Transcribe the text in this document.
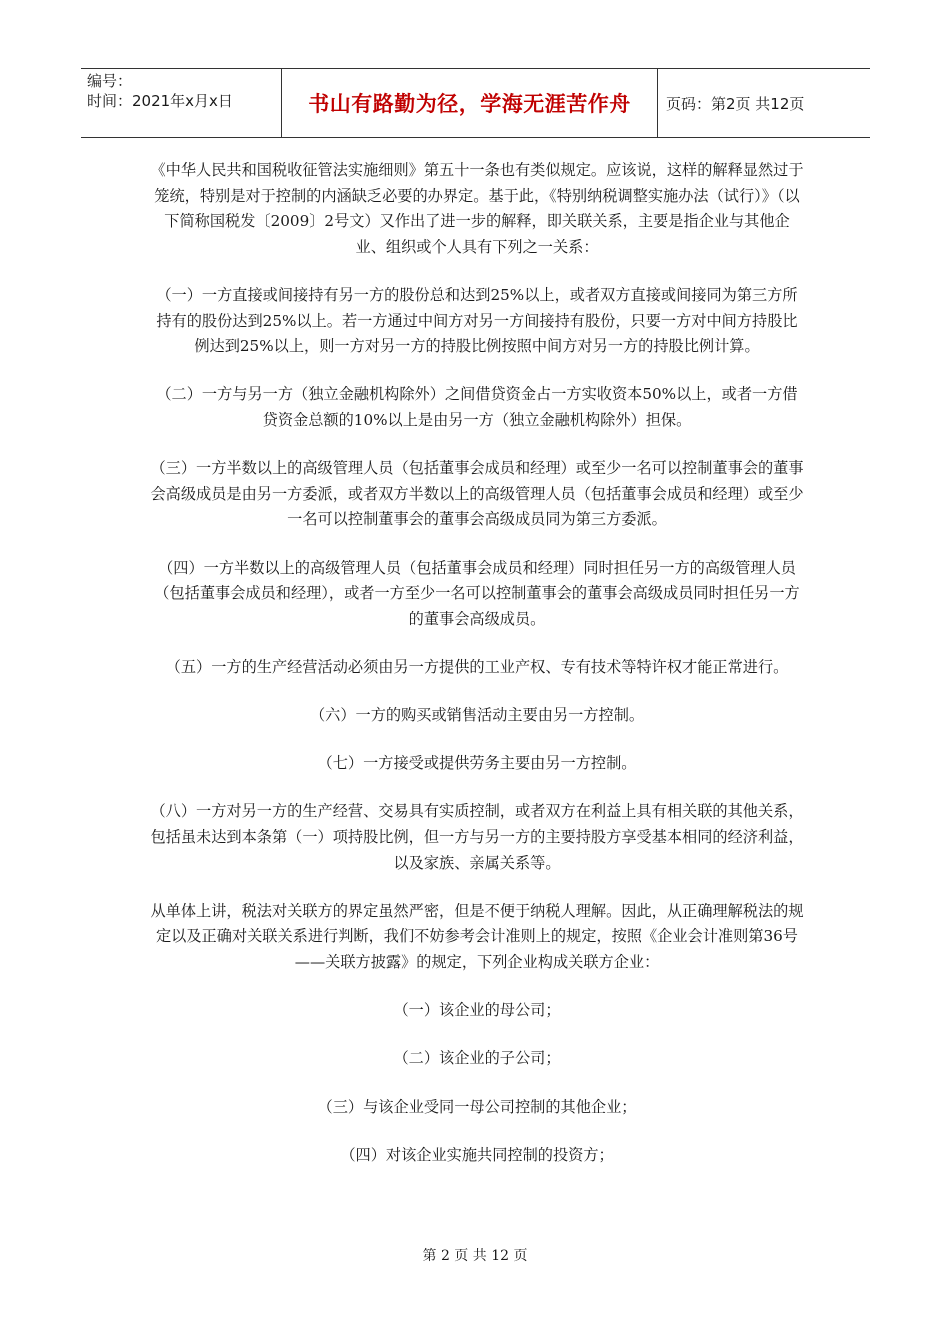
编号：
时间：2021年x月x日	书山有路勤为径，学海无涯苦作舟 页码：第2页 共12页

《中华人民共和国税收征管法实施细则》第五十一条也有类似规定。应该说，这样的解释显然过于笼统，特别是对于控制的内涵缺乏必要的办界定。基于此，《特别纳税调整实施办法（试行）》（以下简称国税发〔2009〕2号文）又作出了进一步的解释，即关联关系，主要是指企业与其他企业、组织或个人具有下列之一关系：

（一）一方直接或间接持有另一方的股份总和达到25%以上，或者双方直接或间接同为第三方所持有的股份达到25%以上。若一方通过中间方对另一方间接持有股份，只要一方对中间方持股比例达到25%以上，则一方对另一方的持股比例按照中间方对另一方的持股比例计算。

（二）一方与另一方（独立金融机构除外）之间借贷资金占一方实收资本50%以上，或者一方借贷资金总额的10%以上是由另一方（独立金融机构除外）担保。

（三）一方半数以上的高级管理人员（包括董事会成员和经理）或至少一名可以控制董事会的董事会高级成员是由另一方委派，或者双方半数以上的高级管理人员（包括董事会成员和经理）或至少一名可以控制董事会的董事会高级成员同为第三方委派。

（四）一方半数以上的高级管理人员（包括董事会成员和经理）同时担任另一方的高级管理人员（包括董事会成员和经理），或者一方至少一名可以控制董事会的董事会高级成员同时担任另一方的董事会高级成员。

（五）一方的生产经营活动必须由另一方提供的工业产权、专有技术等特许权才能正常进行。

（六）一方的购买或销售活动主要由另一方控制。

（七）一方接受或提供劳务主要由另一方控制。

（八）一方对另一方的生产经营、交易具有实质控制，或者双方在利益上具有相关联的其他关系，包括虽未达到本条第（一）项持股比例，但一方与另一方的主要持股方享受基本相同的经济利益，以及家族、亲属关系等。

从单体上讲，税法对关联方的界定虽然严密，但是不便于纳税人理解。因此，从正确理解税法的规定以及正确对关联关系进行判断，我们不妨参考会计准则上的规定，按照《企业会计准则第36号——关联方披露》的规定，下列企业构成关联方企业：

（一）该企业的母公司；

（二）该企业的子公司；

（三）与该企业受同一母公司控制的其他企业；

（四）对该企业实施共同控制的投资方；

第 2 页 共 12 页
